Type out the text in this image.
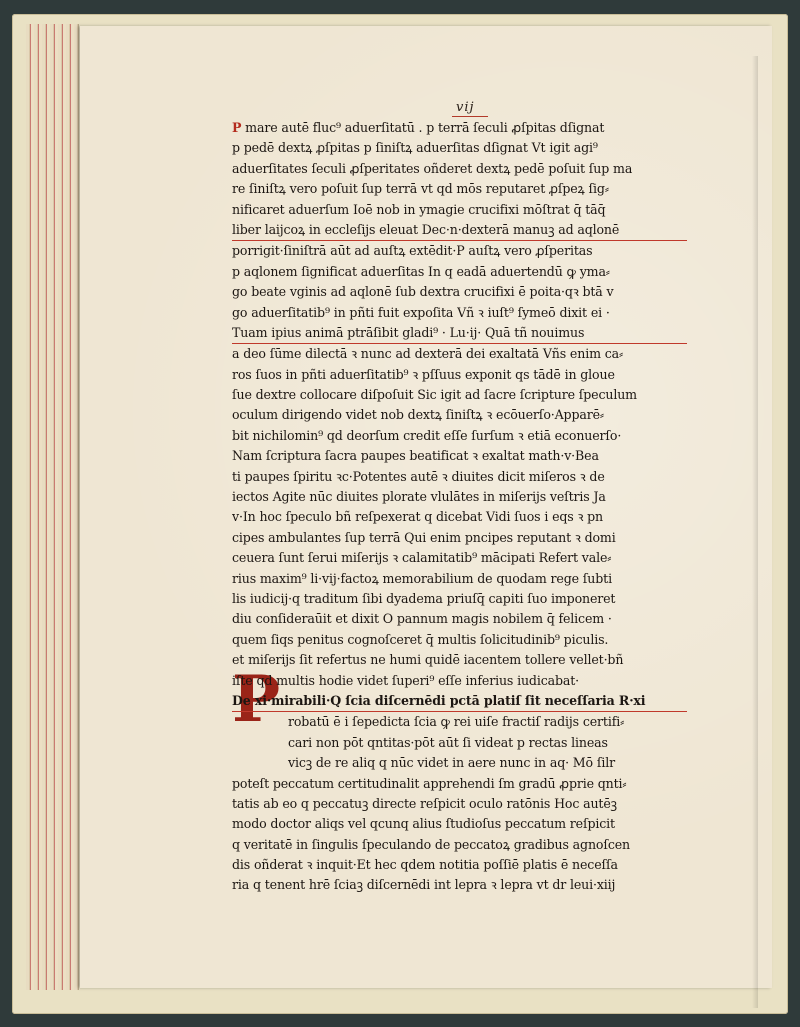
vij
P
P mare autē fluc⁹ aduerſitatū . p terrā ſeculi ꝓſpitas dſignat
p pedē dextꝝ ꝓſpitas p ſiniſtꝝ aduerſitas dſignat Vt igit agi⁹
aduerſitates ſeculi ꝓſperitates oñderet dextꝝ pedē poſuit ſup ma
re ſiniſtꝝ vero poſuit ſup terrā vt qd mōs reputaret ꝓſpeꝝ ſig⸗
nificaret aduerſum Ioē nob in ymagie crucifixi mōſtrat q̄ tāq̄
liber laijcoꝝ in eccleſijs eleuat Dec·n·dexterā manuꝫ ad aqlonē
porrigit·ſiniſtrā aūt ad auſtꝝ extēdit·P auſtꝝ vero ꝓſperitas
p aqlonem ſignificat aduerſitas In q eadā aduertendū ꝙ yma⸗
go beate vginis ad aqlonē ſub dextra crucifixi ē poita·qꝛ btā v
go aduerſitatib⁹ in pñti fuit expoſita Vñ ꝛ iuſt⁹ ſymeō dixit ei ·
Tuam ipius animā ptrāſibit gladi⁹ · Lu·ij· Quā tñ nouimus
a deo ſūme dilectā ꝛ nunc ad dexterā dei exaltatā Vñs enim ca⸗
ros ſuos in pñti aduerſitatib⁹ ꝛ pſſuus exponit qs tādē in gloue
ſue dextre collocare diſpoſuit Sic igit ad ſacre ſcripture ſpeculum
oculum dirigendo videt nob dextꝝ ſiniſtꝝ ꝛ ecōuerſo·Apparē⸗
bit nichilomin⁹ qd deorſum credit eſſe ſurſum ꝛ etiā econuerſo·
Nam ſcriptura ſacra paupes beatificat ꝛ exaltat math·v·Bea
ti paupes ſpiritu ꝛc·Potentes autē ꝛ diuites dicit miſeros ꝛ de
iectos Agite nūc diuites plorate vlulātes in miſerijs veſtris Ja
v·In hoc ſpeculo bñ reſpexerat q dicebat Vidi ſuos i eqs ꝛ pn
cipes ambulantes ſup terrā Qui enim pncipes reputant ꝛ domi
ceuera ſunt ſerui miſerijs ꝛ calamitatib⁹ mācipati Refert vale⸗
rius maxim⁹ li·vij·factoꝝ memorabilium de quodam rege ſubti
lis iudicij·q traditum ſibi dyadema priuſq̄ capiti ſuo imponeret
diu conſideraūit et dixit O pannum magis nobilem q̄ felicem ·
quem ſiqs penitus cognoſceret q̄ multis ſolicitudinib⁹ piculis.
et miſerijs ſit refertus ne humi quidē iacentem tollere vellet·bñ
iſte qd multis hodie videt ſuperi⁹ eſſe inferius iudicabat·
De xi·mirabili·Q ſcia diſcernēdi pctā platiſ ſit neceſſaria R·xi
robatū ē i ſepedicta ſcia ꝙ rei uiſe fractiſ radijs certifi⸗
cari non pōt qntitas·pōt aūt ſi videat p rectas lineas
vicꝫ de re aliq q nūc videt in aere nunc in aq· Mō ſilr
poteſt peccatum certitudinalit apprehendi ſm gradū ꝓprie qnti⸗
tatis ab eo q peccatuꝫ directe reſpicit oculo ratōnis Hoc autēꝫ
modo doctor aliqs vel qcunq alius ſtudioſus peccatum reſpicit
q veritatē in ſingulis ſpeculando de peccatoꝝ gradibus agnoſcen
dis oñderat ꝛ inquit·Et hec qdem notitia poſſiē platis ē neceſſa
ria q tenent hrē ſciaꝫ diſcernēdi int lepra ꝛ lepra vt dr leui·xiij
